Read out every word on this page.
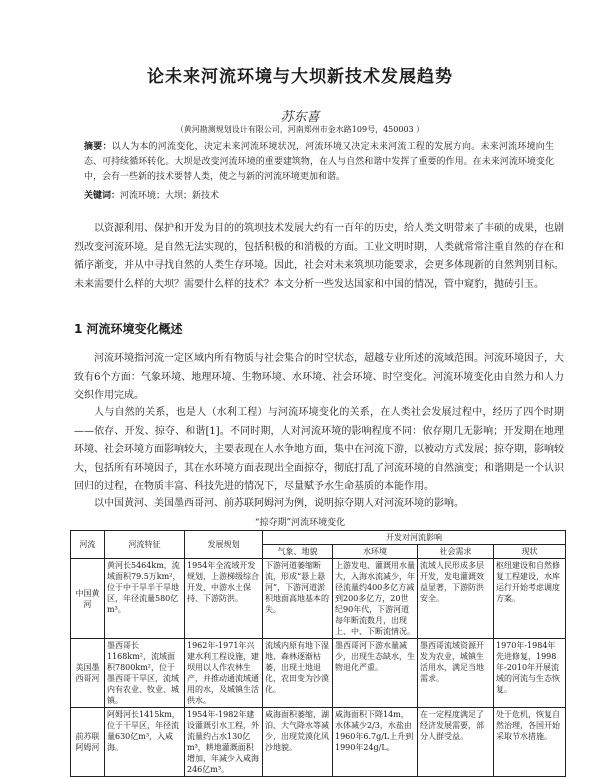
论未来河流环境与大坝新技术发展趋势
苏东喜
（黄河勘测规划设计有限公司，河南郑州市金水路109号，450003 ）
摘要：以人为本的河流变化，决定未来河流环境状况，河流环境又决定未来河流工程的发展方向。未来河流环境向生态、可持续循环转化。大坝是改变河流环境的重要建筑物，在人与自然和谐中发挥了重要的作用。在未来河流环境变化中，会有一些新的技术要替人类，使之与新的河流环境更加和谐。
关键词：河流环境；大坝；新技术
以资源利用、保护和开发为目的的筑坝技术发展大约有一百年的历史，给人类文明带来了丰硕的成果，也剧烈改变河流环境。是自然无法实现的，包括积极的和消极的方面。工业文明时期，人类就常常注重自然的存在和循序渐变，并从中寻找自然的人类生存环境。因此，社会对未来筑坝功能要求，会更多体现新的自然判别目标。未来需要什么样的大坝？需要什么样的技术？本文分析一些发达国家和中国的情况，管中窥豹，抛砖引玉。
1 河流环境变化概述
河流环境指河流一定区域内所有物质与社会集合的时空状态，超越专业所述的流域范围。河流环境因子，大致有6个方面：气象环境、地理环境、生物环境、水环境、社会环境、时空变化。河流环境变化由自然力和人力交织作用完成。
人与自然的关系，也是人（水利工程）与河流环境变化的关系，在人类社会发展过程中，经历了四个时期——依存、开发、掠夺、和谐[1]。不同时期，人对河流环境的影响程度不同：依存期几无影响；开发期在地理环境、社会环境方面影响较大，主要表现在人水争地方面，集中在河流下游，以被动方式发展；掠夺期，影响较大，包括所有环境因子，其在水环境方面表现出全面掠夺，彻底打乱了河流环境的自然演变；和谐期是一个认识回归的过程，在物质丰富、科技先进的情况下，尽量赋予水生命基质的本能作用。
以中国黄河、美国墨西哥河、前苏联阿姆河为例，说明掠夺期人对河流环境的影响。
“掠夺期”河流环境变化
河流	河流特征	发展规划	开发对河流影响			
			气象、地貌	水环境	社会需求	现状
中国黄河	黄河长5464km，流域面积79.5万km²，位于中干旱半干旱地区，年径流量580亿m³。	1954年全流域开发规划，上游梯级综合开发、中游水土保持、下游防洪。	下游河道萎缩断流，形成“悬上悬河”，下游河道淤积地面高地基本的失。	上游发电、灌溉用水量大，入海水流减少，年径流量约400多亿方减到200多亿方，20世纪90年代，下游河道每年断流数月，出现上、中、下断流情况。	流域人民形成多层开发，发电灌溉效益显著，下游防洪安全。	枢纽建设和自然修复工程建设，水库运行开始考虑调度方案。
美国墨西哥河	墨西哥长1168km²，流域面积7800km²，位于墨西哥干旱区，流域内有农业、牧业、城镇。	1962年-1971年兴建水利工程设施，建坝用以人作农林生产，并推动通流域通用的水，及城镇生活供水。	流域内原有地下湿地、森林逐渐枯萎，出现土地退化，农田变为沙漠化。	墨西哥河下游水量减少，出现生态缺水，生物退化严重。	墨西哥流域资源开发为农业，城镇生活用水，满足当地需求。	1970年-1984年先进修复，1998年-2010年开展流域的河流与生态恢复。
前苏联阿姆河	阿姆河长1415km，位于干旱区，年径流量630亿m³，入咸海。	1954年-1982年建设灌溉引水工程，外流量约占水130亿m³，耕地灌溉面积增加，年减少入咸海246亿m³。	咸海面积萎缩，湖泊、大气降水等减少，出现荒漠化风沙地貌。	咸海面积下降14m，水体减少2/3，水盐由1960年6.7g/L上升到1990年24g/L。	在一定程度满足了经济发展需要，部分人群受益。	处于危机，恢复自然治理，各国开始采取节水措施。
